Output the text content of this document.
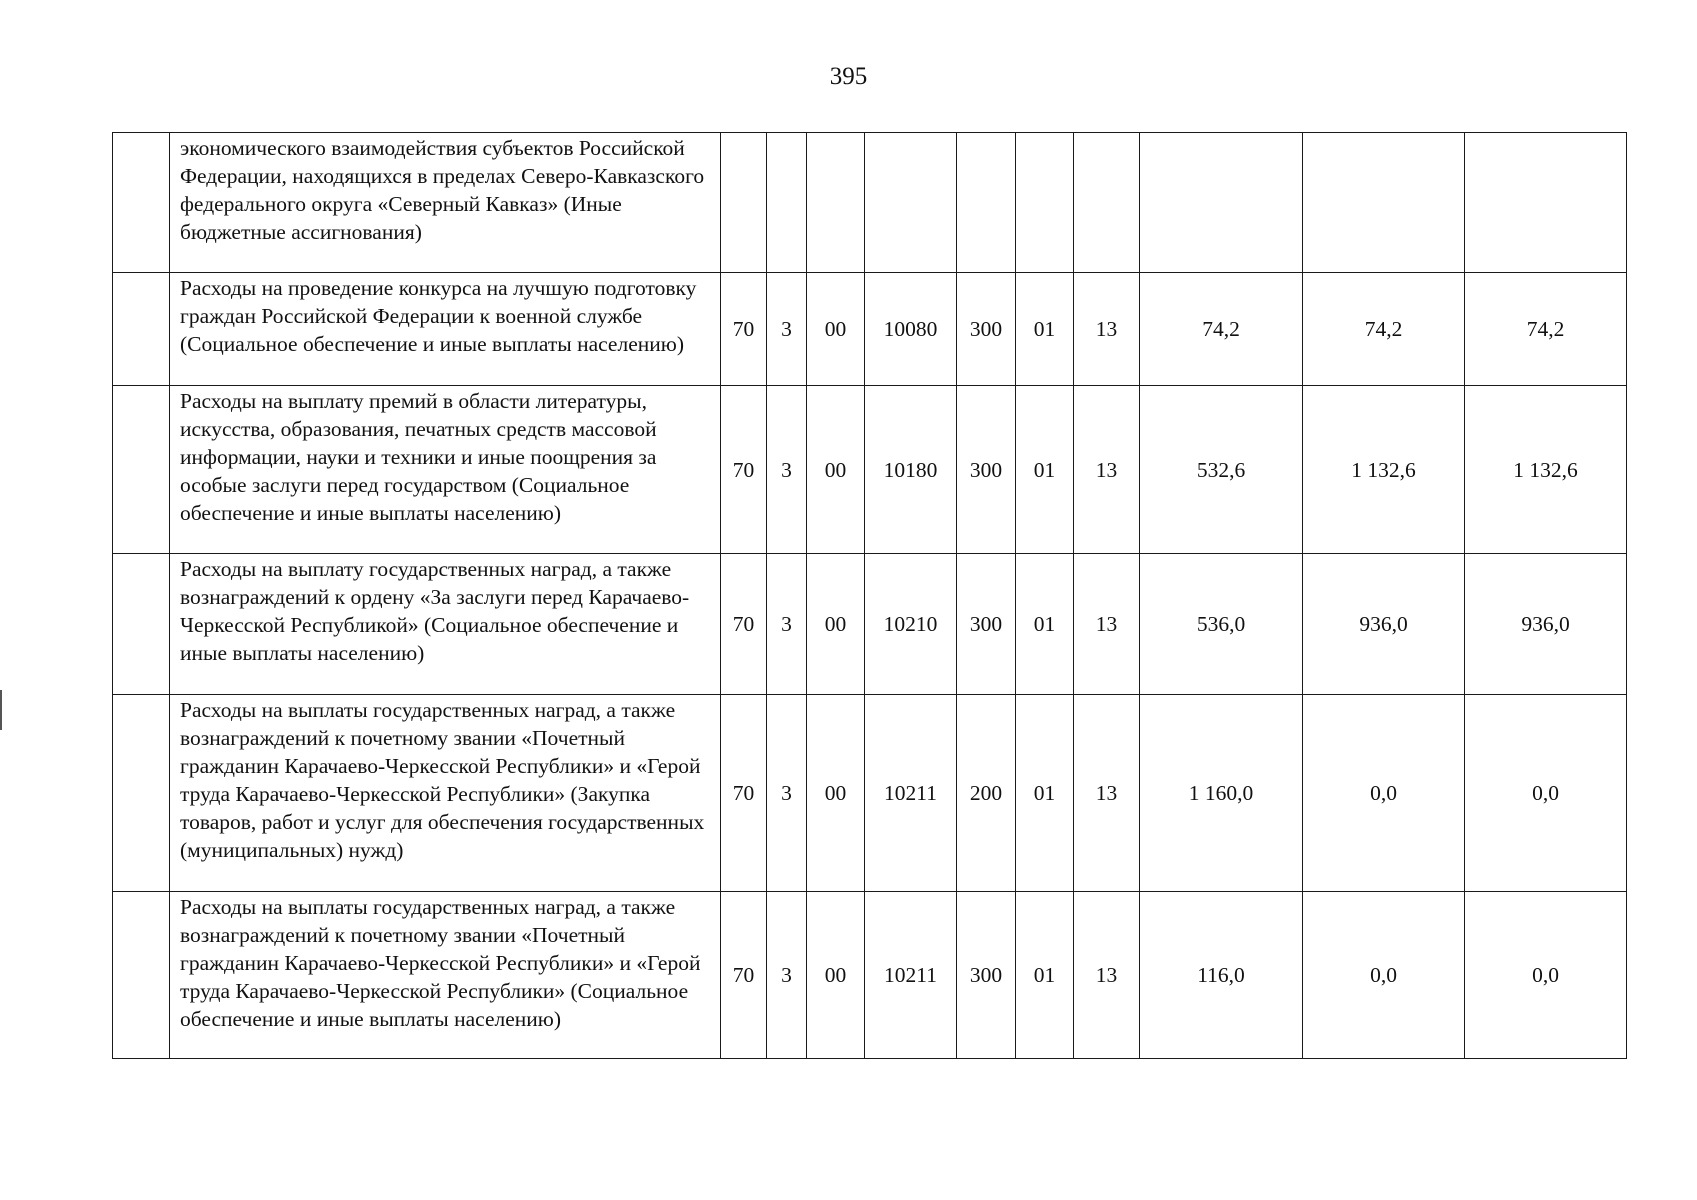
395
	экономического взаимодействия субъектов Российской Федерации, находящихся в пределах Северо-Кавказского федерального округа «Северный Кавказ» (Иные бюджетные ассигнования)										
	Расходы на проведение конкурса на лучшую подготовку граждан Российской Федерации к военной службе (Социальное обеспечение и иные выплаты населению)	70	3	00	10080	300	01	13	74,2	74,2	74,2
	Расходы на выплату премий в области литературы, искусства, образования, печатных средств массовой информации, науки и техники и иные поощрения за особые заслуги перед государством (Социальное обеспечение и иные выплаты населению)	70	3	00	10180	300	01	13	532,6	1 132,6	1 132,6
	Расходы на выплату государственных наград, а также вознаграждений к ордену «За заслуги перед Карачаево-Черкесской Республикой» (Социальное обеспечение и иные выплаты населению)	70	3	00	10210	300	01	13	536,0	936,0	936,0
	Расходы на выплаты государственных наград, а также вознаграждений к почетному звании «Почетный гражданин Карачаево-Черкесской Республики» и «Герой труда Карачаево-Черкесской Республики» (Закупка товаров, работ и услуг для обеспечения государственных (муниципальных) нужд)	70	3	00	10211	200	01	13	1 160,0	0,0	0,0
	Расходы на выплаты государственных наград, а также вознаграждений к почетному звании «Почетный гражданин Карачаево-Черкесской Республики» и «Герой труда Карачаево-Черкесской Республики» (Социальное обеспечение и иные выплаты населению)	70	3	00	10211	300	01	13	116,0	0,0	0,0
